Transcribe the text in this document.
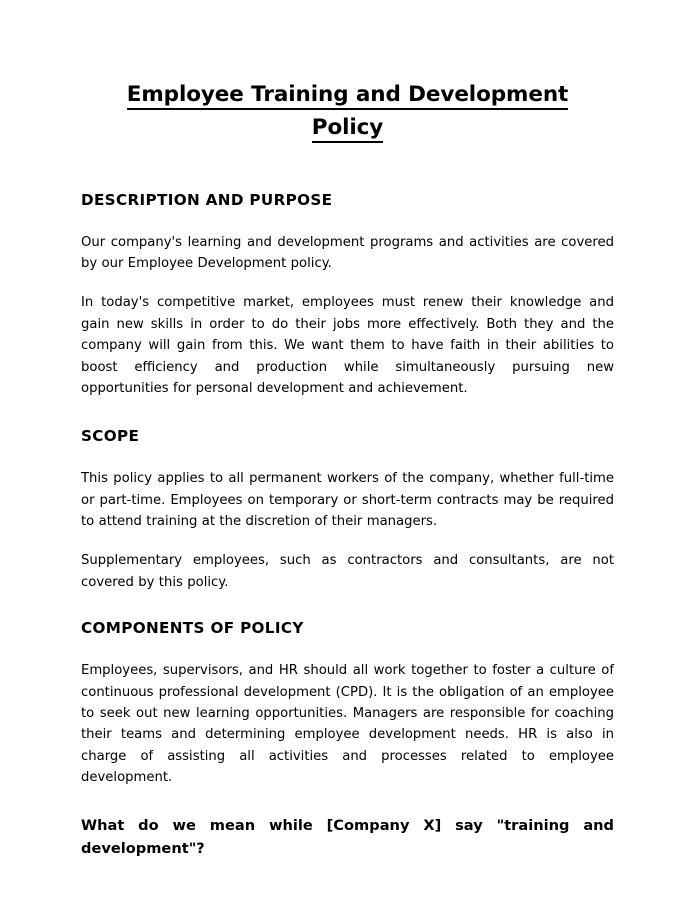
Employee Training and Development
Policy
DESCRIPTION AND PURPOSE

Our company's learning and development programs and activities are covered by our Employee Development policy.

In today's competitive market, employees must renew their knowledge and gain new skills in order to do their jobs more effectively. Both they and the company will gain from this. We want them to have faith in their abilities to boost efficiency and production while simultaneously pursuing new opportunities for personal development and achievement.

SCOPE

This policy applies to all permanent workers of the company, whether full-time or part-time. Employees on temporary or short-term contracts may be required to attend training at the discretion of their managers.

Supplementary employees, such as contractors and consultants, are not covered by this policy.

COMPONENTS OF POLICY

Employees, supervisors, and HR should all work together to foster a culture of continuous professional development (CPD). It is the obligation of an employee to seek out new learning opportunities. Managers are responsible for coaching their teams and determining employee development needs. HR is also in charge of assisting all activities and processes related to employee development.

What do we mean while [Company X] say "training and development"?
